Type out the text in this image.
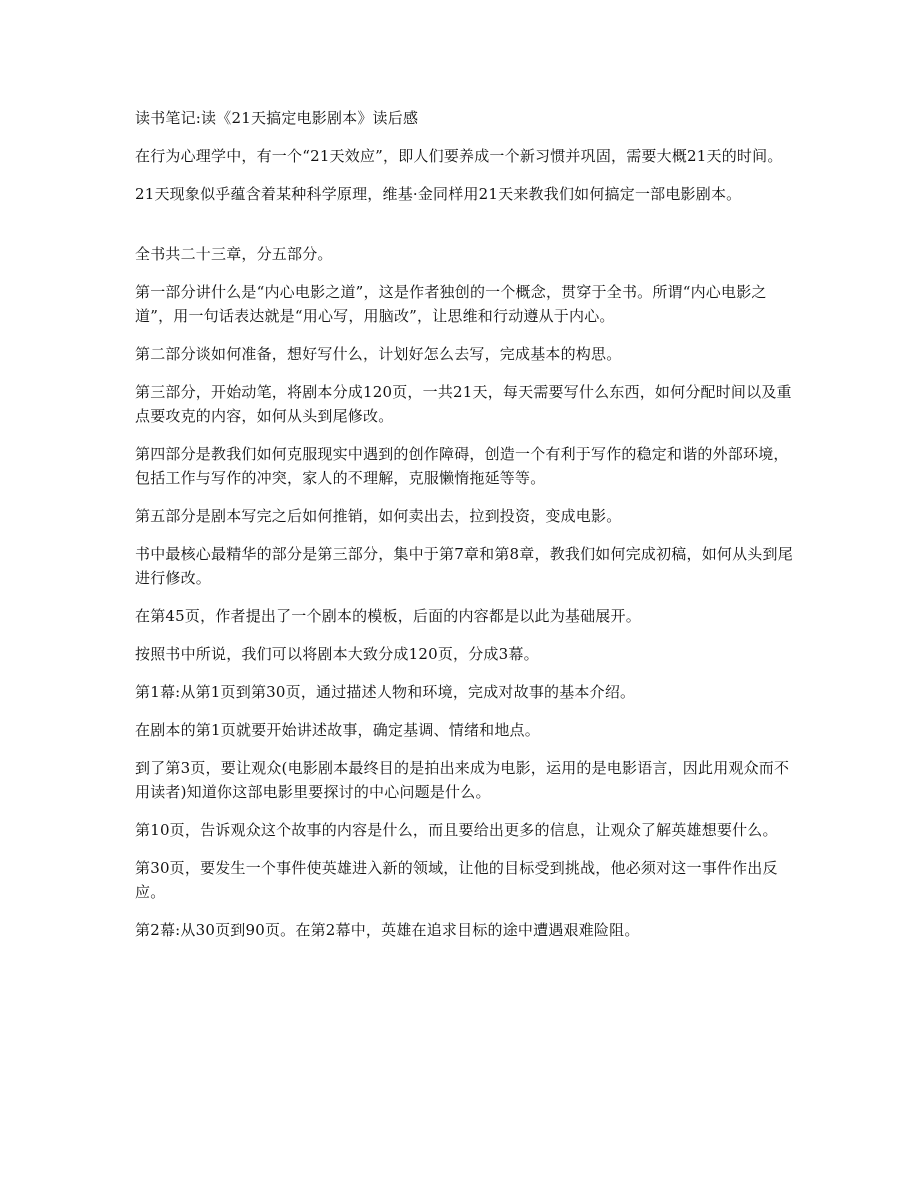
读书笔记:读《21天搞定电影剧本》读后感

在行为心理学中，有一个“21天效应”，即人们要养成一个新习惯并巩固，需要大概21天的时间。

21天现象似乎蕴含着某种科学原理，维基·金同样用21天来教我们如何搞定一部电影剧本。

全书共二十三章，分五部分。

第一部分讲什么是“内心电影之道”，这是作者独创的一个概念，贯穿于全书。所谓“内心电影之道”，用一句话表达就是“用心写，用脑改”，让思维和行动遵从于内心。

第二部分谈如何准备，想好写什么，计划好怎么去写，完成基本的构思。

第三部分，开始动笔，将剧本分成120页，一共21天，每天需要写什么东西，如何分配时间以及重点要攻克的内容，如何从头到尾修改。

第四部分是教我们如何克服现实中遇到的创作障碍，创造一个有利于写作的稳定和谐的外部环境，包括工作与写作的冲突，家人的不理解，克服懒惰拖延等等。

第五部分是剧本写完之后如何推销，如何卖出去，拉到投资，变成电影。

书中最核心最精华的部分是第三部分，集中于第7章和第8章，教我们如何完成初稿，如何从头到尾进行修改。

在第45页，作者提出了一个剧本的模板，后面的内容都是以此为基础展开。

按照书中所说，我们可以将剧本大致分成120页，分成3幕。

第1幕:从第1页到第30页，通过描述人物和环境，完成对故事的基本介绍。

在剧本的第1页就要开始讲述故事，确定基调、情绪和地点。

到了第3页，要让观众(电影剧本最终目的是拍出来成为电影，运用的是电影语言，因此用观众而不用读者)知道你这部电影里要探讨的中心问题是什么。

第10页，告诉观众这个故事的内容是什么，而且要给出更多的信息，让观众了解英雄想要什么。

第30页，要发生一个事件使英雄进入新的领域，让他的目标受到挑战，他必须对这一事件作出反应。

第2幕:从30页到90页。在第2幕中，英雄在追求目标的途中遭遇艰难险阻。
